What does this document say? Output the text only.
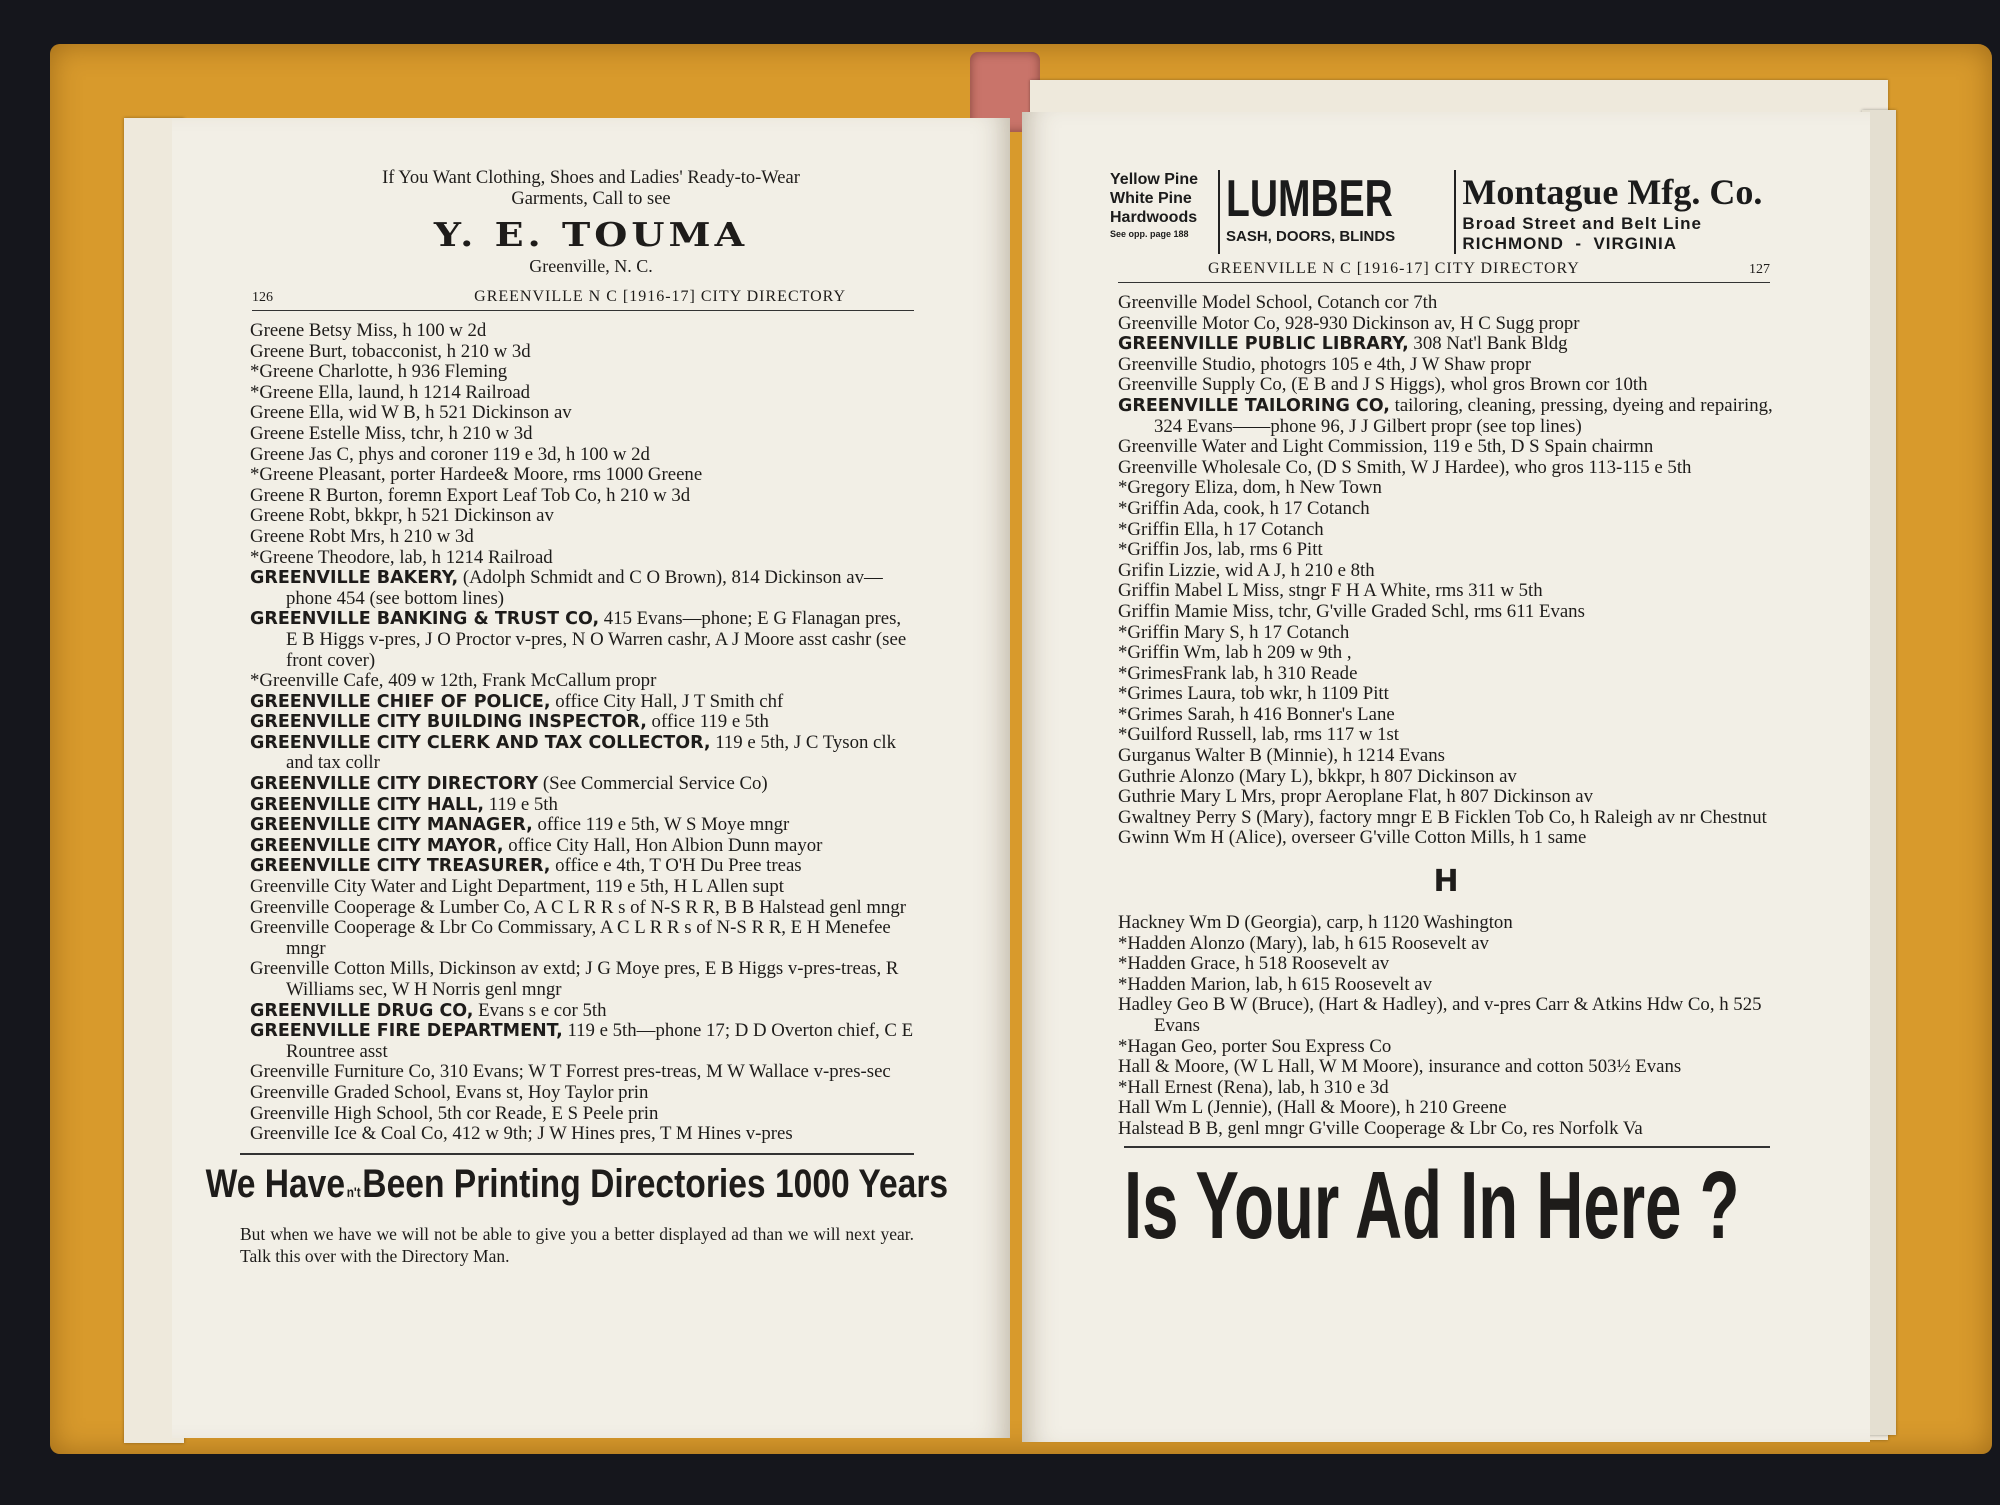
If You Want Clothing, Shoes and Ladies' Ready-to-Wear
Garments, Call to see
Y. E. TOUMA
Greenville, N. C.
126	GREENVILLE N C [1916-17] CITY DIRECTORY
Greene Betsy Miss, h 100 w 2d
Greene Burt, tobacconist, h 210 w 3d
*Greene Charlotte, h 936 Fleming
*Greene Ella, laund, h 1214 Railroad
Greene Ella, wid W B, h 521 Dickinson av
Greene Estelle Miss, tchr, h 210 w 3d
Greene Jas C, phys and coroner 119 e 3d, h 100 w 2d
*Greene Pleasant, porter Hardee& Moore, rms 1000 Greene
Greene R Burton, foremn Export Leaf Tob Co, h 210 w 3d
Greene Robt, bkkpr, h 521 Dickinson av
Greene Robt Mrs, h 210 w 3d
*Greene Theodore, lab, h 1214 Railroad
GREENVILLE BAKERY, (Adolph Schmidt and C O Brown), 814 Dickinson av—phone 454 (see bottom lines)
GREENVILLE BANKING & TRUST CO, 415 Evans—phone; E G Flanagan pres, E B Higgs v-pres, J O Proctor v-pres, N O Warren cashr, A J Moore asst cashr (see front cover)
*Greenville Cafe, 409 w 12th, Frank McCallum propr
GREENVILLE CHIEF OF POLICE, office City Hall, J T Smith chf
GREENVILLE CITY BUILDING INSPECTOR, office 119 e 5th
GREENVILLE CITY CLERK AND TAX COLLECTOR, 119 e 5th, J C Tyson clk and tax collr
GREENVILLE CITY DIRECTORY (See Commercial Service Co)
GREENVILLE CITY HALL, 119 e 5th
GREENVILLE CITY MANAGER, office 119 e 5th, W S Moye mngr
GREENVILLE CITY MAYOR, office City Hall, Hon Albion Dunn mayor
GREENVILLE CITY TREASURER, office e 4th, T O'H Du Pree treas
Greenville City Water and Light Department, 119 e 5th, H L Allen supt
Greenville Cooperage & Lumber Co, A C L R R s of N-S R R, B B Halstead genl mngr
Greenville Cooperage & Lbr Co Commissary, A C L R R s of N-S R R, E H Menefee mngr
Greenville Cotton Mills, Dickinson av extd; J G Moye pres, E B Higgs v-pres-treas, R Williams sec, W H Norris genl mngr
GREENVILLE DRUG CO, Evans s e cor 5th
GREENVILLE FIRE DEPARTMENT, 119 e 5th—phone 17; D D Overton chief, C E Rountree asst
Greenville Furniture Co, 310 Evans; W T Forrest pres-treas, M W Wallace v-pres-sec
Greenville Graded School, Evans st, Hoy Taylor prin
Greenville High School, 5th cor Reade, E S Peele prin
Greenville Ice & Coal Co, 412 w 9th; J W Hines pres, T M Hines v-pres
We Have n't Been Printing Directories 1000 Years
But when we have we will not be able to give you a better displayed ad than we will next year. Talk this over with the Directory Man.
Yellow Pine
White Pine
Hardwoods
See opp. page 188
LUMBER
SASH, DOORS, BLINDS
Montague Mfg. Co.
Broad Street and Belt Line
RICHMOND  -  VIRGINIA
GREENVILLE N C [1916-17] CITY DIRECTORY	127
Greenville Model School, Cotanch cor 7th
Greenville Motor Co, 928-930 Dickinson av, H C Sugg propr
GREENVILLE PUBLIC LIBRARY, 308 Nat'l Bank Bldg
Greenville Studio, photogrs 105 e 4th, J W Shaw propr
Greenville Supply Co, (E B and J S Higgs), whol gros Brown cor 10th
GREENVILLE TAILORING CO, tailoring, cleaning, pressing, dyeing and repairing, 324 Evans——phone 96, J J Gilbert propr (see top lines)
Greenville Water and Light Commission, 119 e 5th, D S Spain chairmn
Greenville Wholesale Co, (D S Smith, W J Hardee), who gros 113-115 e 5th
*Gregory Eliza, dom, h New Town
*Griffin Ada, cook, h 17 Cotanch
*Griffin Ella, h 17 Cotanch
*Griffin Jos, lab, rms 6 Pitt
Grifin Lizzie, wid A J, h 210 e 8th
Griffin Mabel L Miss, stngr F H A White, rms 311 w 5th
Griffin Mamie Miss, tchr, G'ville Graded Schl, rms 611 Evans
*Griffin Mary S, h 17 Cotanch
*Griffin Wm, lab h 209 w 9th ,
*GrimesFrank lab, h 310 Reade
*Grimes Laura, tob wkr, h 1109 Pitt
*Grimes Sarah, h 416 Bonner's Lane
*Guilford Russell, lab, rms 117 w 1st
Gurganus Walter B (Minnie), h 1214 Evans
Guthrie Alonzo (Mary L), bkkpr, h 807 Dickinson av
Guthrie Mary L Mrs, propr Aeroplane Flat, h 807 Dickinson av
Gwaltney Perry S (Mary), factory mngr E B Ficklen Tob Co, h Raleigh av nr Chestnut
Gwinn Wm H (Alice), overseer G'ville Cotton Mills, h 1 same
H
Hackney Wm D (Georgia), carp, h 1120 Washington
*Hadden Alonzo (Mary), lab, h 615 Roosevelt av
*Hadden Grace, h 518 Roosevelt av
*Hadden Marion, lab, h 615 Roosevelt av
Hadley Geo B W (Bruce), (Hart & Hadley), and v-pres Carr & Atkins Hdw Co, h 525 Evans
*Hagan Geo, porter Sou Express Co
Hall & Moore, (W L Hall, W M Moore), insurance and cotton 503½ Evans
*Hall Ernest (Rena), lab, h 310 e 3d
Hall Wm L (Jennie), (Hall & Moore), h 210 Greene
Halstead B B, genl mngr G'ville Cooperage & Lbr Co, res Norfolk Va
Is Your Ad In Here ?
